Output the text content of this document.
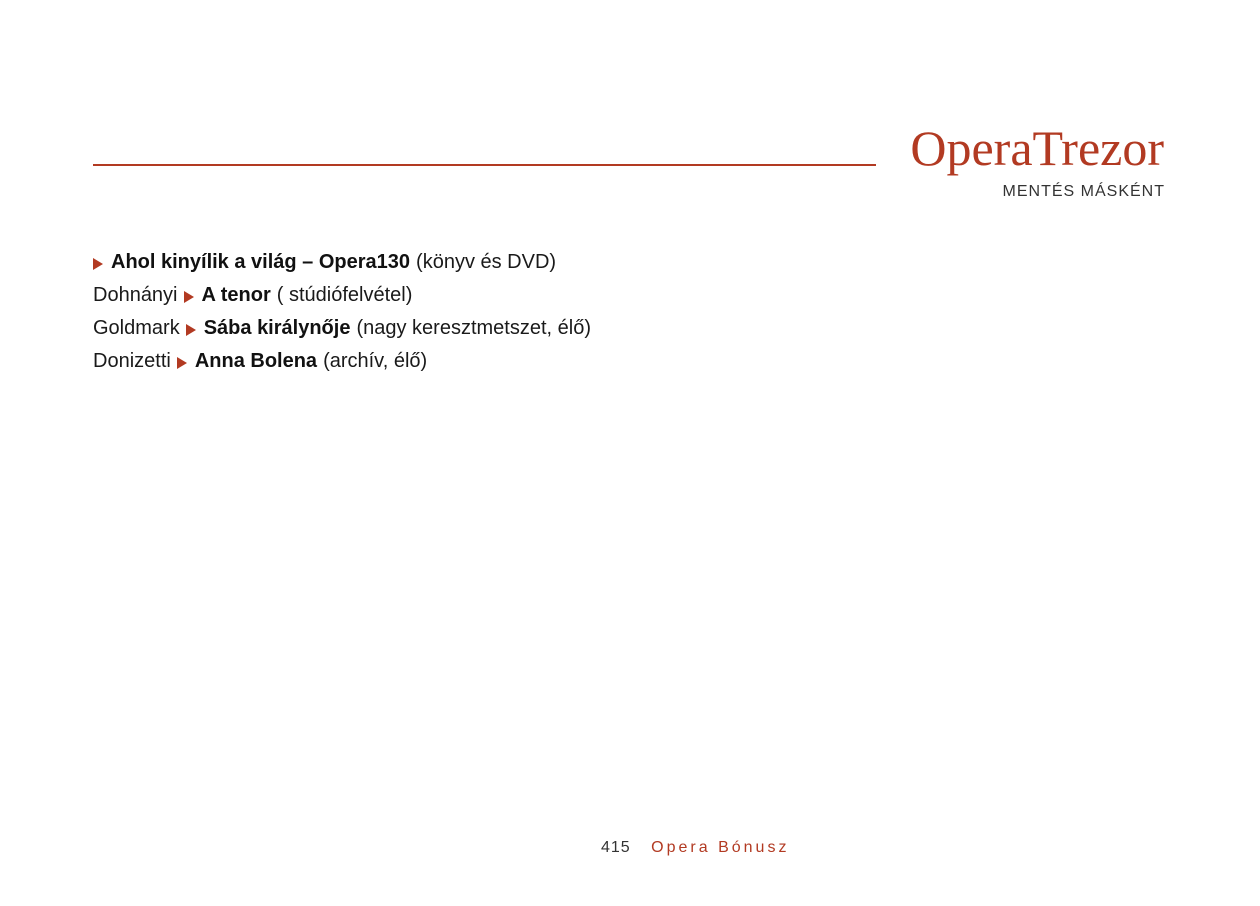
OperaTrezor
MENTÉS MÁSKÉNT
Ahol kinyílik a világ – Opera130 (könyv és DVD)
Dohnányi A tenor ( stúdiófelvétel)
Goldmark Sába királynője (nagy keresztmetszet, élő)
Donizetti Anna Bolena (archív, élő)
415 Opera Bónusz
